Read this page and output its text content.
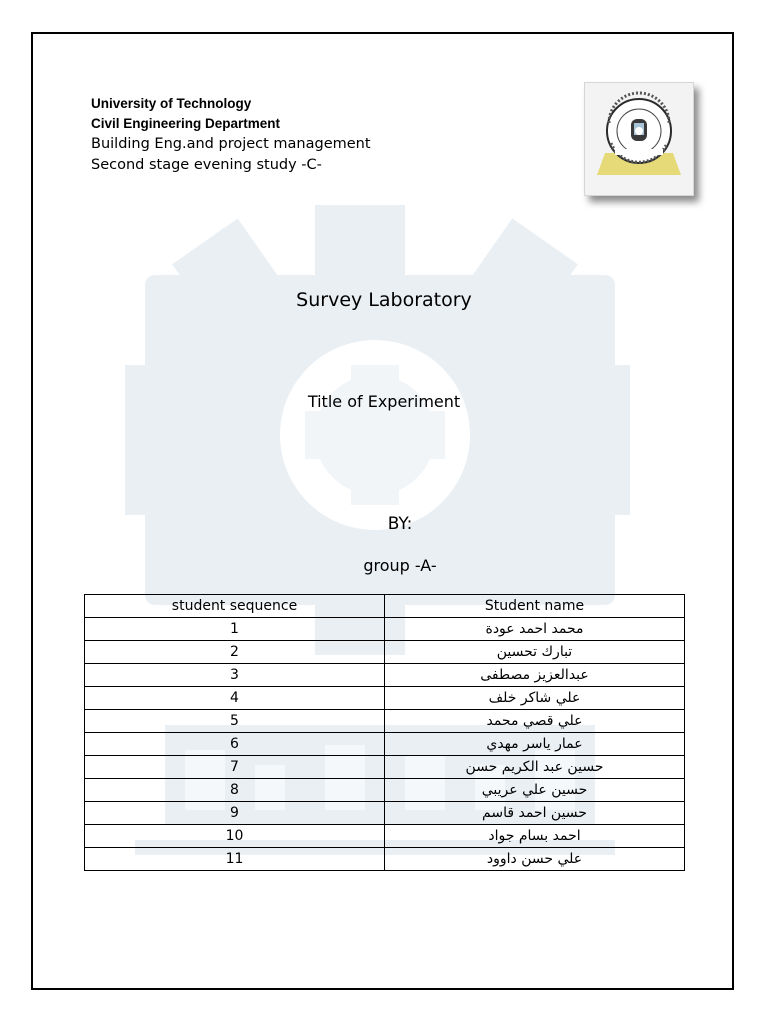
University of Technology
Civil Engineering Department
Building Eng.and project management
Second stage evening study -C-
Survey Laboratory
Title of Experiment
BY:
group -A-
student sequence	Student name
1	محمد احمد عودة
2	تبارك تحسين
3	عبدالعزيز مصطفى
4	علي شاكر خلف
5	علي قصي محمد
6	عمار ياسر مهدي
7	حسين عبد الكريم حسن
8	حسين علي عريبي
9	حسين احمد قاسم
10	احمد بسام جواد
11	علي حسن داوود
